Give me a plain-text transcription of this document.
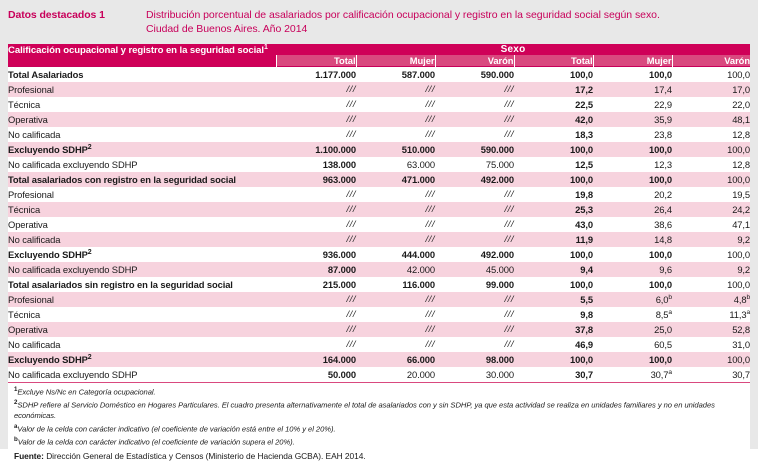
Datos destacados 1	Distribución porcentual de asalariados por calificación ocupacional y registro en la seguridad social según sexo.
Ciudad de Buenos Aires. Año 2014
Calificación ocupacional y registro en la seguridad social$^1$	Sexo					
	Total	Mujer	Varón	Total	Mujer	Varón
Total Asalariados	1.177.000	587.000	590.000	100,0	100,0	100,0
Profesional	///	///	///	17,2	17,4	17,0
Técnica	///	///	///	22,5	22,9	22,0
Operativa	///	///	///	42,0	35,9	48,1
No calificada	///	///	///	18,3	23,8	12,8
Excluyendo SDHP$^2$	1.100.000	510.000	590.000	100,0	100,0	100,0
No calificada excluyendo SDHP	138.000	63.000	75.000	12,5	12,3	12,8
Total asalariados con registro en la seguridad social	963.000	471.000	492.000	100,0	100,0	100,0
Profesional	///	///	///	19,8	20,2	19,5
Técnica	///	///	///	25,3	26,4	24,2
Operativa	///	///	///	43,0	38,6	47,1
No calificada	///	///	///	11,9	14,8	9,2
Excluyendo SDHP$^2$	936.000	444.000	492.000	100,0	100,0	100,0
No calificada excluyendo SDHP	87.000	42.000	45.000	9,4	9,6	9,2
Total asalariados sin registro en la seguridad social	215.000	116.000	99.000	100,0	100,0	100,0
Profesional	///	///	///	5,5	6,0$^b$	4,8$^b$
Técnica	///	///	///	9,8	8,5$^a$	11,3$^a$
Operativa	///	///	///	37,8	25,0	52,8
No calificada	///	///	///	46,9	60,5	31,0
Excluyendo SDHP$^2$	164.000	66.000	98.000	100,0	100,0	100,0
No calificada excluyendo SDHP	50.000	20.000	30.000	30,7	30,7$^a$	30,7
$^1$Excluye Ns/Nc en Categoría ocupacional.
$^2$SDHP refiere al Servicio Doméstico en Hogares Particulares. El cuadro presenta alternativamente el total de asalariados con y sin SDHP, ya que esta actividad se realiza en unidades familiares y no en unidades económicas.
$^a$Valor de la celda con carácter indicativo (el coeficiente de variación está entre el 10% y el 20%).
$^b$Valor de la celda con carácter indicativo (el coeficiente de variación supera el 20%).
Fuente: Dirección General de Estadística y Censos (Ministerio de Hacienda GCBA). EAH 2014.
